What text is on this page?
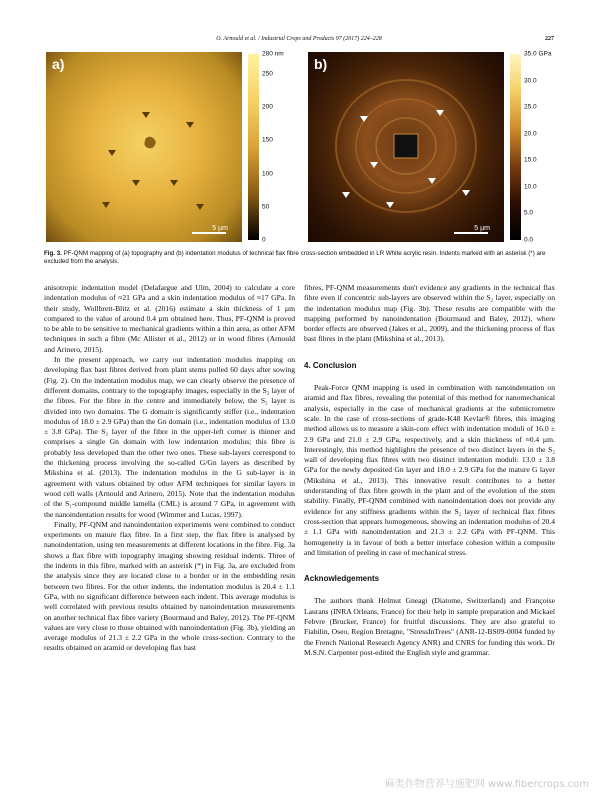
O. Arnould et al. / Industrial Crops and Products 97 (2017) 224–228	227
a)
5 µm
280 nm
250
200
150
100
50
0
b)
5 µm
35.0 GPa
30.0
25.0
20.0
15.0
10.0
5.0
0.0
Fig. 3. PF-QNM mapping of (a) topography and (b) indentation modulus of technical flax fibre cross-section embedded in LR White acrylic resin. Indents marked with an asterisk (*) are excluded from the analysis.

anisotropic indentation model (Delafargue and Ulm, 2004) to calculate a core indentation modulus of ≈21 GPa and a skin indentation modulus of ≈17 GPa. In their study, Wollbrett-Blitz et al. (2016) estimate a skin thickness of 1 µm compared to the value of around 0.4 µm obtained here. Thus, PF-QNM is proved to be able to be sensitive to mechanical gradients within a thin area, as other AFM techniques in such a fibre (Mc Allister et al., 2012) or in wood fibres (Arnould and Arinero, 2015).

In the present approach, we carry out indentation modulus mapping on developing flax bast fibres derived from plant stems pulled 60 days after sowing (Fig. 2). On the indentation modulus map, we can clearly observe the presence of different domains, contrary to the topography images, especially in the S₂ layer of the fibres. For the fibre in the centre and immediately below, the S₂ layer is divided into two domains. The G domain is significantly stiffer (i.e., indentation modulus of 18.0 ± 2.9 GPa) than the Gn domain (i.e., indentation modulus of 13.0 ± 3.8 GPa). The S₂ layer of the fibre in the upper-left corner is thinner and comprises a single Gn domain with low indentation modulus; this fibre is probably less developed than the other two ones. These sub-layers correspond to the thickening process involving the so-called G/Gn layers as described by Mikshina et al. (2013). The indentation modulus in the G sub-layer is in agreement with values obtained by other AFM techniques for similar layers in wood cell walls (Arnould and Arinero, 2015). Note that the indentation modulus of the S₁-compound middle lamella (CML) is around 7 GPa, in agreement with the nanoindentation results for wood (Wimmer and Lucas, 1997).

Finally, PF-QNM and nanoindentation experiments were combined to conduct experiments on mature flax fibre. In a first step, the flax fibre is analysed by nanoindentation, using ten measurements at different locations in the fibre. Fig. 3a shows a flax fibre with topography imaging showing residual indents. Three of the indents in this fibre, marked with an asterisk (*) in Fig. 3a, are excluded from the analysis since they are located close to a border or in the embedding resin between two fibres. For the other indents, the indentation modulus is 20.4 ± 1.1 GPa, with no significant difference between each indent. This average modulus is well correlated with previous results obtained by nanoindentation measurements on another technical flax fibre variety (Bourmaud and Baley, 2012). The PF-QNM values are very close to those obtained with nanoindentation (Fig. 3b), yielding an average modulus of 21.3 ± 2.2 GPa in the whole cross-section. Contrary to the results obtained on aramid or developing flax bast

fibres, PF-QNM measurements don't evidence any gradients in the technical flax fibre even if concentric sub-layers are observed within the S₂ layer, especially on the indentation modulus map (Fig. 3b). These results are compatible with the mapping performed by nanoindentation (Bourmaud and Baley, 2012), where border effects are observed (Jakes et al., 2009), and the thickening process of flax bast fibres in the plant (Mikshina et al., 2013).

4. Conclusion

Peak-Force QNM mapping is used in combination with nanoindentation on aramid and flax fibres, revealing the potential of this method for nanomechanical analysis, especially in the case of mechanical gradients at the submicrometre scale. In the case of cross-sections of grade-K48 Kevlar® fibres, this imaging method allows us to measure a skin-core effect with indentation moduli of 16.0 ± 2.9 GPa and 21.0 ± 2.9 GPa, respectively, and a skin thickness of ≈0.4 µm. Interestingly, this method highlights the presence of two distinct layers in the S₂ wall of developing flax fibres with two distinct indentation moduli: 13.0 ± 3.8 GPa for the newly deposited Gn layer and 18.0 ± 2.9 GPa for the mature G layer (Mikshina et al., 2013). This innovative result contributes to a better understanding of flax fibre growth in the plant and of the evolution of the stem stability. Finally, PF-QNM combined with nanoindentation does not provide any evidence for any stiffness gradients within the S₂ layer of technical flax fibres cross-section that appears homogeneous, showing an indentation modulus of 20.4 ± 1.1 GPa with nanoindentation and 21.3 ± 2.2 GPa with PF-QNM. This homogeneity is in favour of both a better interface cohesion within a composite and limitation of peeling in case of mechanical stress.

Acknowledgements

The authors thank Helmut Gneagi (Diatome, Switzerland) and Françoise Laurans (INRA Orleans, France) for their help in sample preparation and Mickael Febvre (Brucker, France) for fruitful discussions. They are also grateful to Fiabilin, Oseo, Region Bretagne, "StressInTrees" (ANR-12-BS09-0004 funded by the French National Research Agency ANR) and CNRS for funding this work. Dr M.S.N. Carpenter post-edited the English style and grammar.

麻类作物营养与施肥网 www.fibercrops.com
